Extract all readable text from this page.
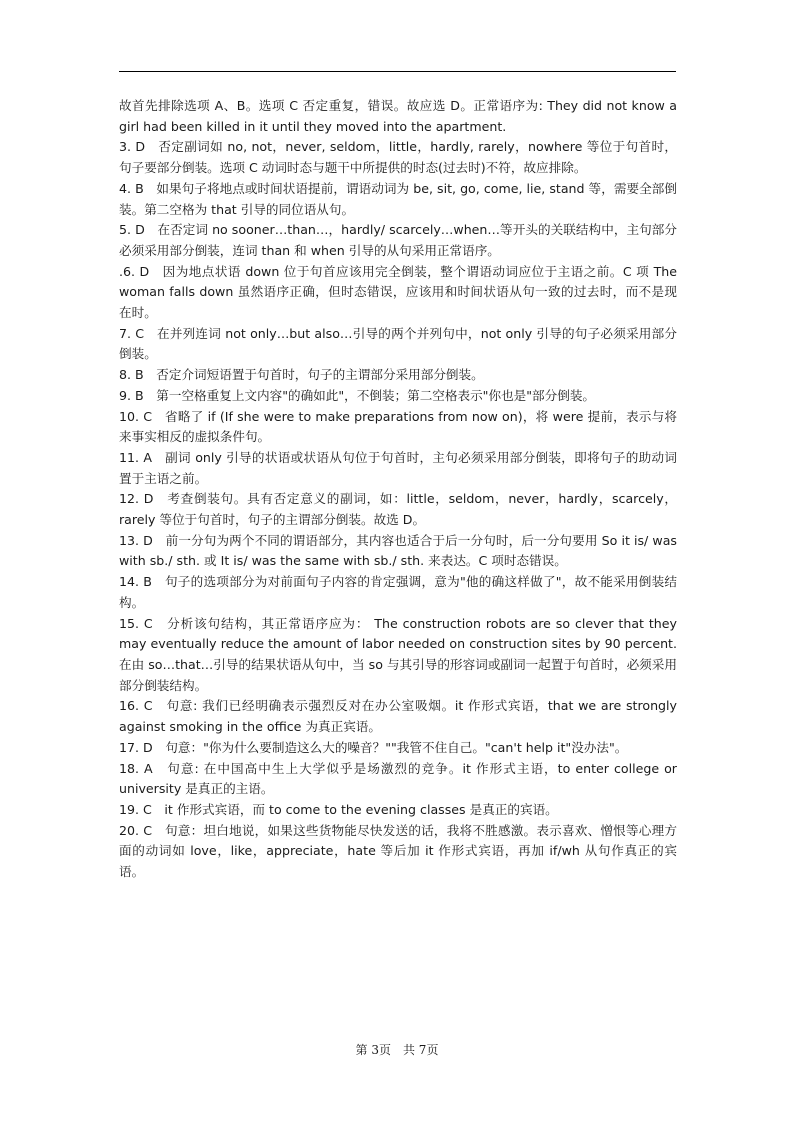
故首先排除选项 A、B。选项 C 否定重复，错误。故应选 D。正常语序为: They did not know a girl had been killed in it until they moved into the apartment.

3. D　否定副词如 no, not，never, seldom，little，hardly, rarely，nowhere 等位于句首时，句子要部分倒装。选项 C 动词时态与题干中所提供的时态(过去时)不符，故应排除。

4. B　如果句子将地点或时间状语提前，谓语动词为 be, sit, go, come, lie, stand 等，需要全部倒装。第二空格为 that 引导的同位语从句。

5. D　在否定词 no sooner…than…，hardly/ scarcely…when…等开头的关联结构中，主句部分必须采用部分倒装，连词 than 和 when 引导的从句采用正常语序。

.6. D　因为地点状语 down 位于句首应该用完全倒装，整个谓语动词应位于主语之前。C 项 The woman falls down 虽然语序正确，但时态错误，应该用和时间状语从句一致的过去时，而不是现在时。

7. C　在并列连词 not only…but also…引导的两个并列句中，not only 引导的句子必须采用部分倒装。

8. B　否定介词短语置于句首时，句子的主谓部分采用部分倒装。

9. B　第一空格重复上文内容"的确如此"，不倒装；第二空格表示"你也是"部分倒装。

10. C　省略了 if (If she were to make preparations from now on)，将 were 提前，表示与将来事实相反的虚拟条件句。

11. A　副词 only 引导的状语或状语从句位于句首时，主句必须采用部分倒装，即将句子的助动词置于主语之前。

12. D　考查倒装句。具有否定意义的副词，如：little，seldom，never，hardly，scarcely，rarely 等位于句首时，句子的主谓部分倒装。故选 D。

13. D　前一分句为两个不同的谓语部分，其内容也适合于后一分句时，后一分句要用 So it is/ was with sb./ sth. 或 It is/ was the same with sb./ sth. 来表达。C 项时态错误。

14. B　句子的选项部分为对前面句子内容的肯定强调，意为"他的确这样做了"，故不能采用倒装结构。

15. C　分析该句结构，其正常语序应为： The construction robots are so clever that they may eventually reduce the amount of labor needed on construction sites by 90 percent.在由 so…that…引导的结果状语从句中，当 so 与其引导的形容词或副词一起置于句首时，必须采用部分倒装结构。

16. C　句意: 我们已经明确表示强烈反对在办公室吸烟。it 作形式宾语，that we are strongly against smoking in the office 为真正宾语。

17. D　句意："你为什么要制造这么大的噪音？""我管不住自己。"can't help it"没办法"。

18. A　句意: 在中国高中生上大学似乎是场激烈的竞争。it 作形式主语，to enter college or university 是真正的主语。

19. C　it 作形式宾语，而 to come to the evening classes 是真正的宾语。

20. C　句意：坦白地说，如果这些货物能尽快发送的话，我将不胜感激。表示喜欢、憎恨等心理方面的动词如 love，like，appreciate，hate 等后加 it 作形式宾语，再加 if/wh 从句作真正的宾语。

第 3页　共 7页
